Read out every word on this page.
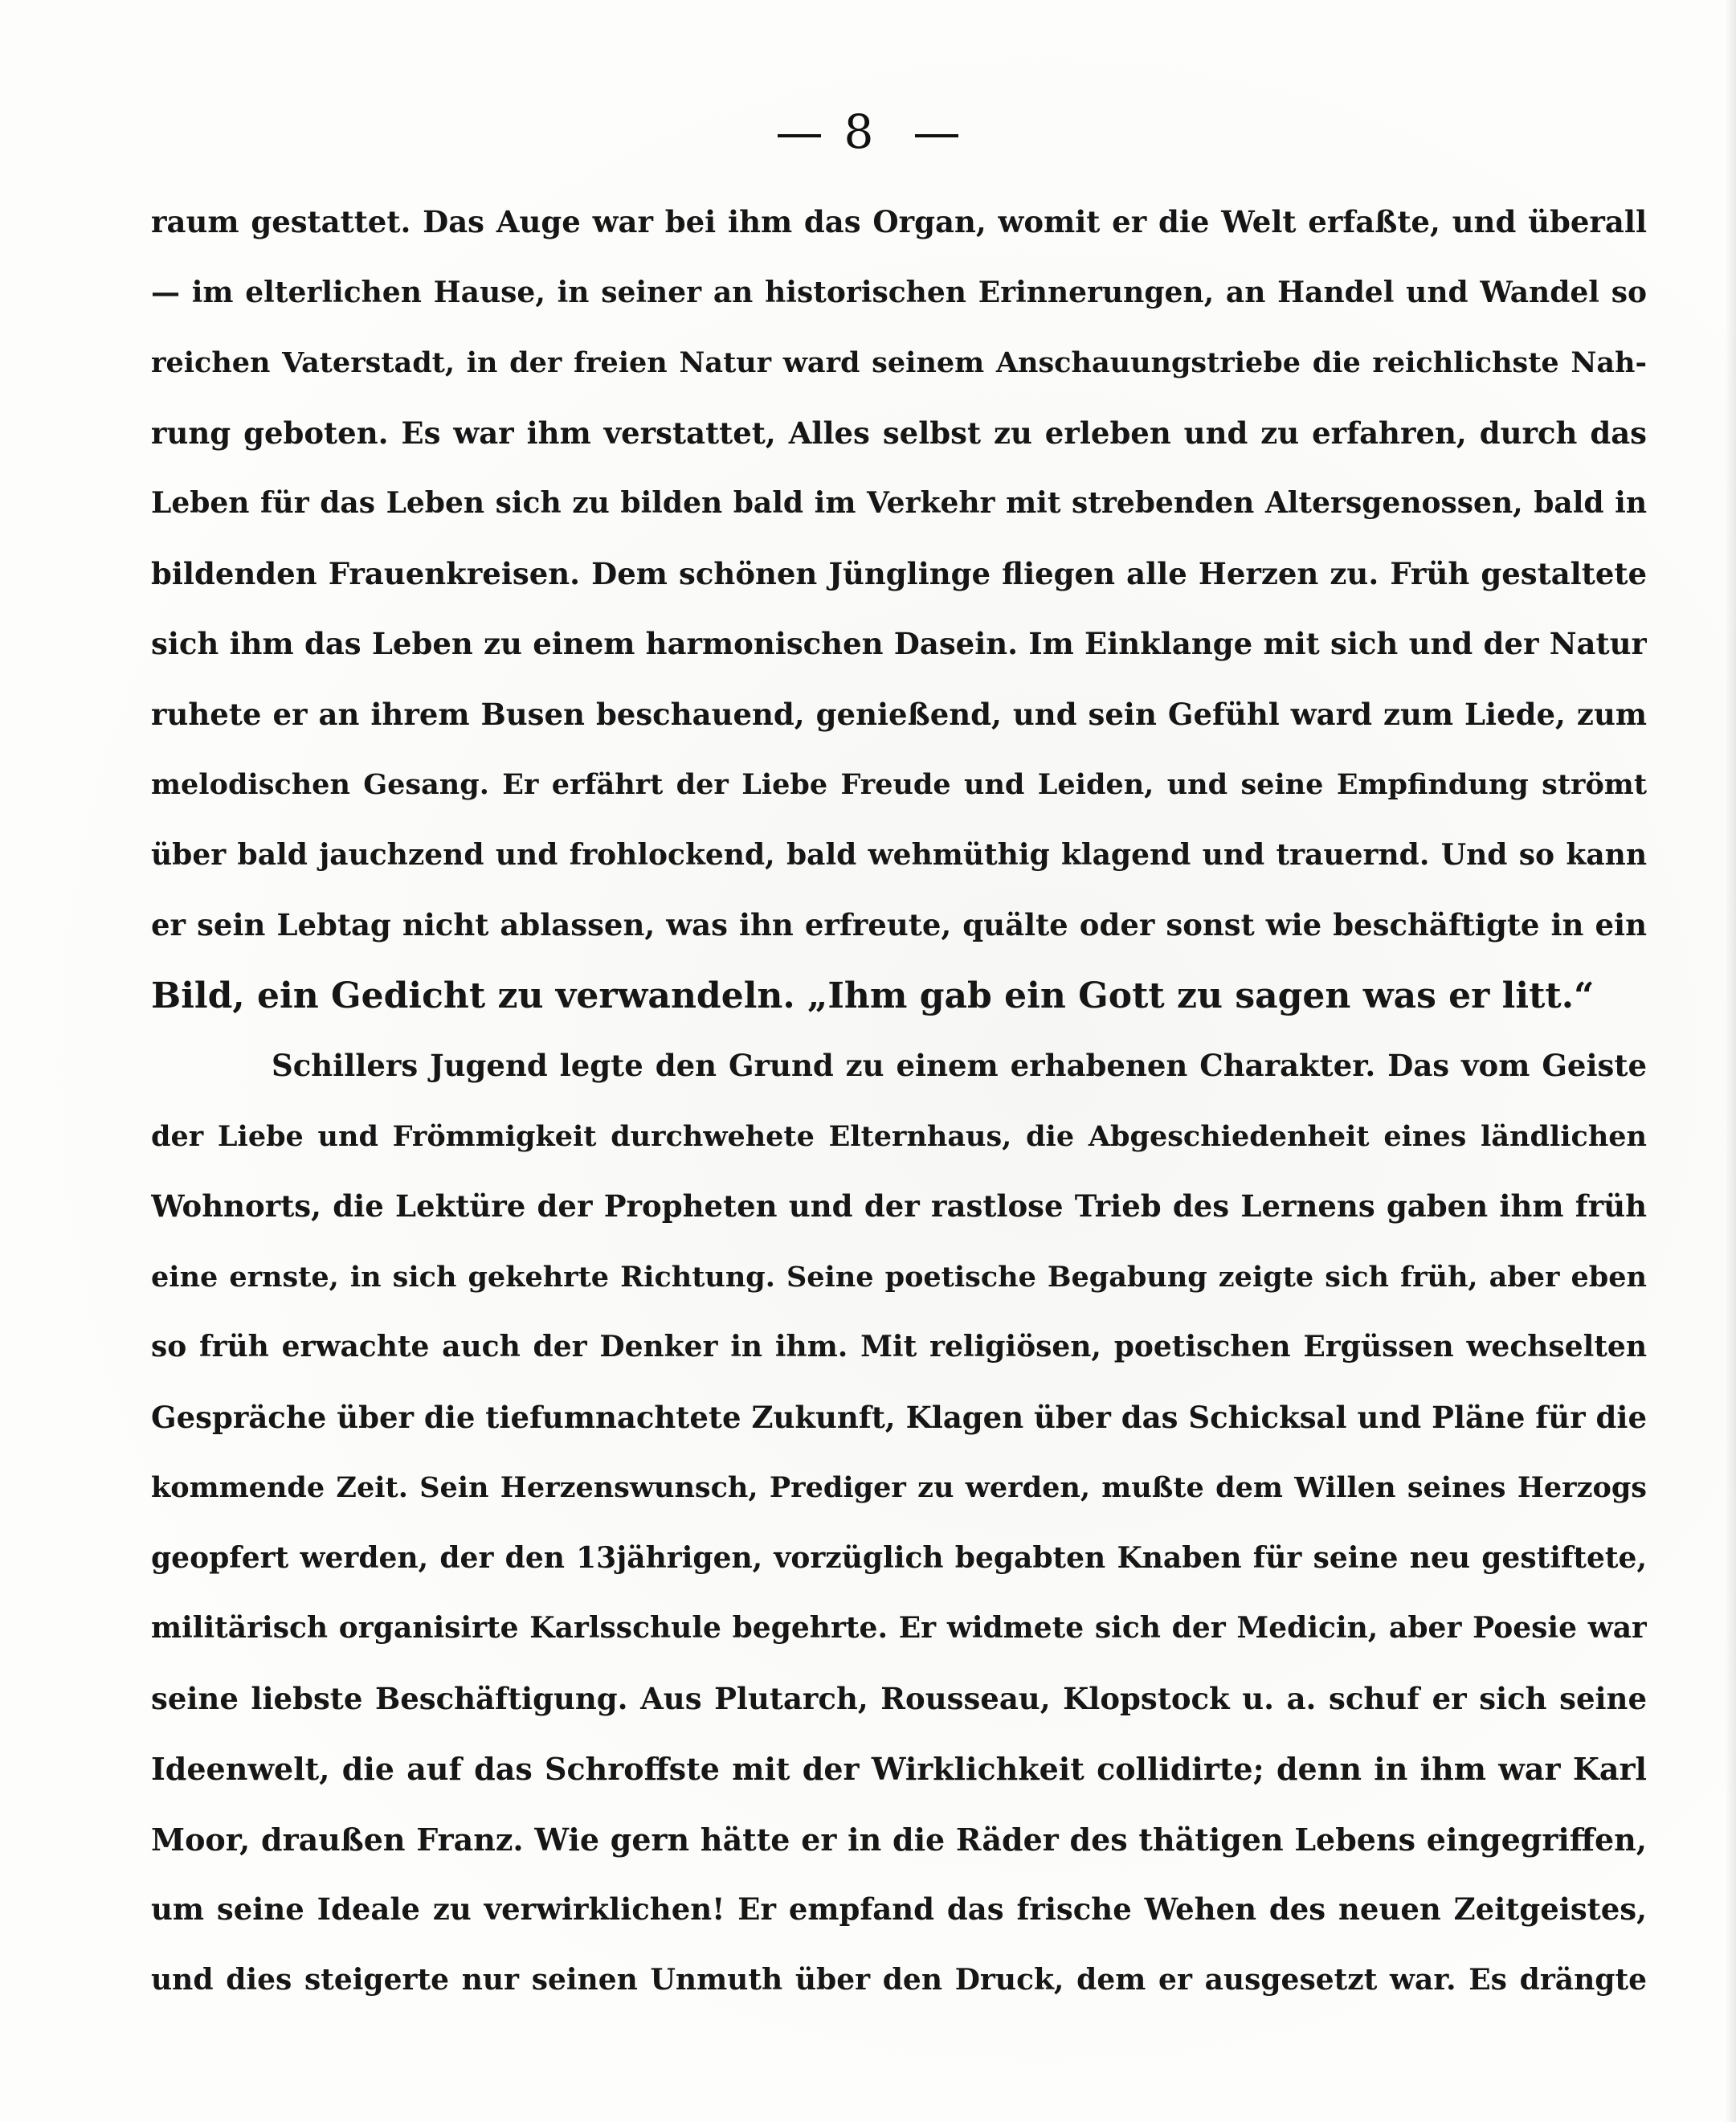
8
raum gestattet. Das Auge war bei ihm das Organ, womit er die Welt erfaßte, und überall
— im elterlichen Hause, in seiner an historischen Erinnerungen, an Handel und Wandel so
reichen Vaterstadt, in der freien Natur ward seinem Anschauungstriebe die reichlichste Nah-
rung geboten. Es war ihm verstattet, Alles selbst zu erleben und zu erfahren, durch das
Leben für das Leben sich zu bilden bald im Verkehr mit strebenden Altersgenossen, bald in
bildenden Frauenkreisen. Dem schönen Jünglinge fliegen alle Herzen zu. Früh gestaltete
sich ihm das Leben zu einem harmonischen Dasein. Im Einklange mit sich und der Natur
ruhete er an ihrem Busen beschauend, genießend, und sein Gefühl ward zum Liede, zum
melodischen Gesang. Er erfährt der Liebe Freude und Leiden, und seine Empfindung strömt
über bald jauchzend und frohlockend, bald wehmüthig klagend und trauernd. Und so kann
er sein Lebtag nicht ablassen, was ihn erfreute, quälte oder sonst wie beschäftigte in ein
Bild, ein Gedicht zu verwandeln. „Ihm gab ein Gott zu sagen was er litt.“
Schillers Jugend legte den Grund zu einem erhabenen Charakter. Das vom Geiste
der Liebe und Frömmigkeit durchwehete Elternhaus, die Abgeschiedenheit eines ländlichen
Wohnorts, die Lektüre der Propheten und der rastlose Trieb des Lernens gaben ihm früh
eine ernste, in sich gekehrte Richtung. Seine poetische Begabung zeigte sich früh, aber eben
so früh erwachte auch der Denker in ihm. Mit religiösen, poetischen Ergüssen wechselten
Gespräche über die tiefumnachtete Zukunft, Klagen über das Schicksal und Pläne für die
kommende Zeit. Sein Herzenswunsch, Prediger zu werden, mußte dem Willen seines Herzogs
geopfert werden, der den 13jährigen, vorzüglich begabten Knaben für seine neu gestiftete,
militärisch organisirte Karlsschule begehrte. Er widmete sich der Medicin, aber Poesie war
seine liebste Beschäftigung. Aus Plutarch, Rousseau, Klopstock u. a. schuf er sich seine
Ideenwelt, die auf das Schroffste mit der Wirklichkeit collidirte; denn in ihm war Karl
Moor, draußen Franz. Wie gern hätte er in die Räder des thätigen Lebens eingegriffen,
um seine Ideale zu verwirklichen! Er empfand das frische Wehen des neuen Zeitgeistes,
und dies steigerte nur seinen Unmuth über den Druck, dem er ausgesetzt war. Es drängte
